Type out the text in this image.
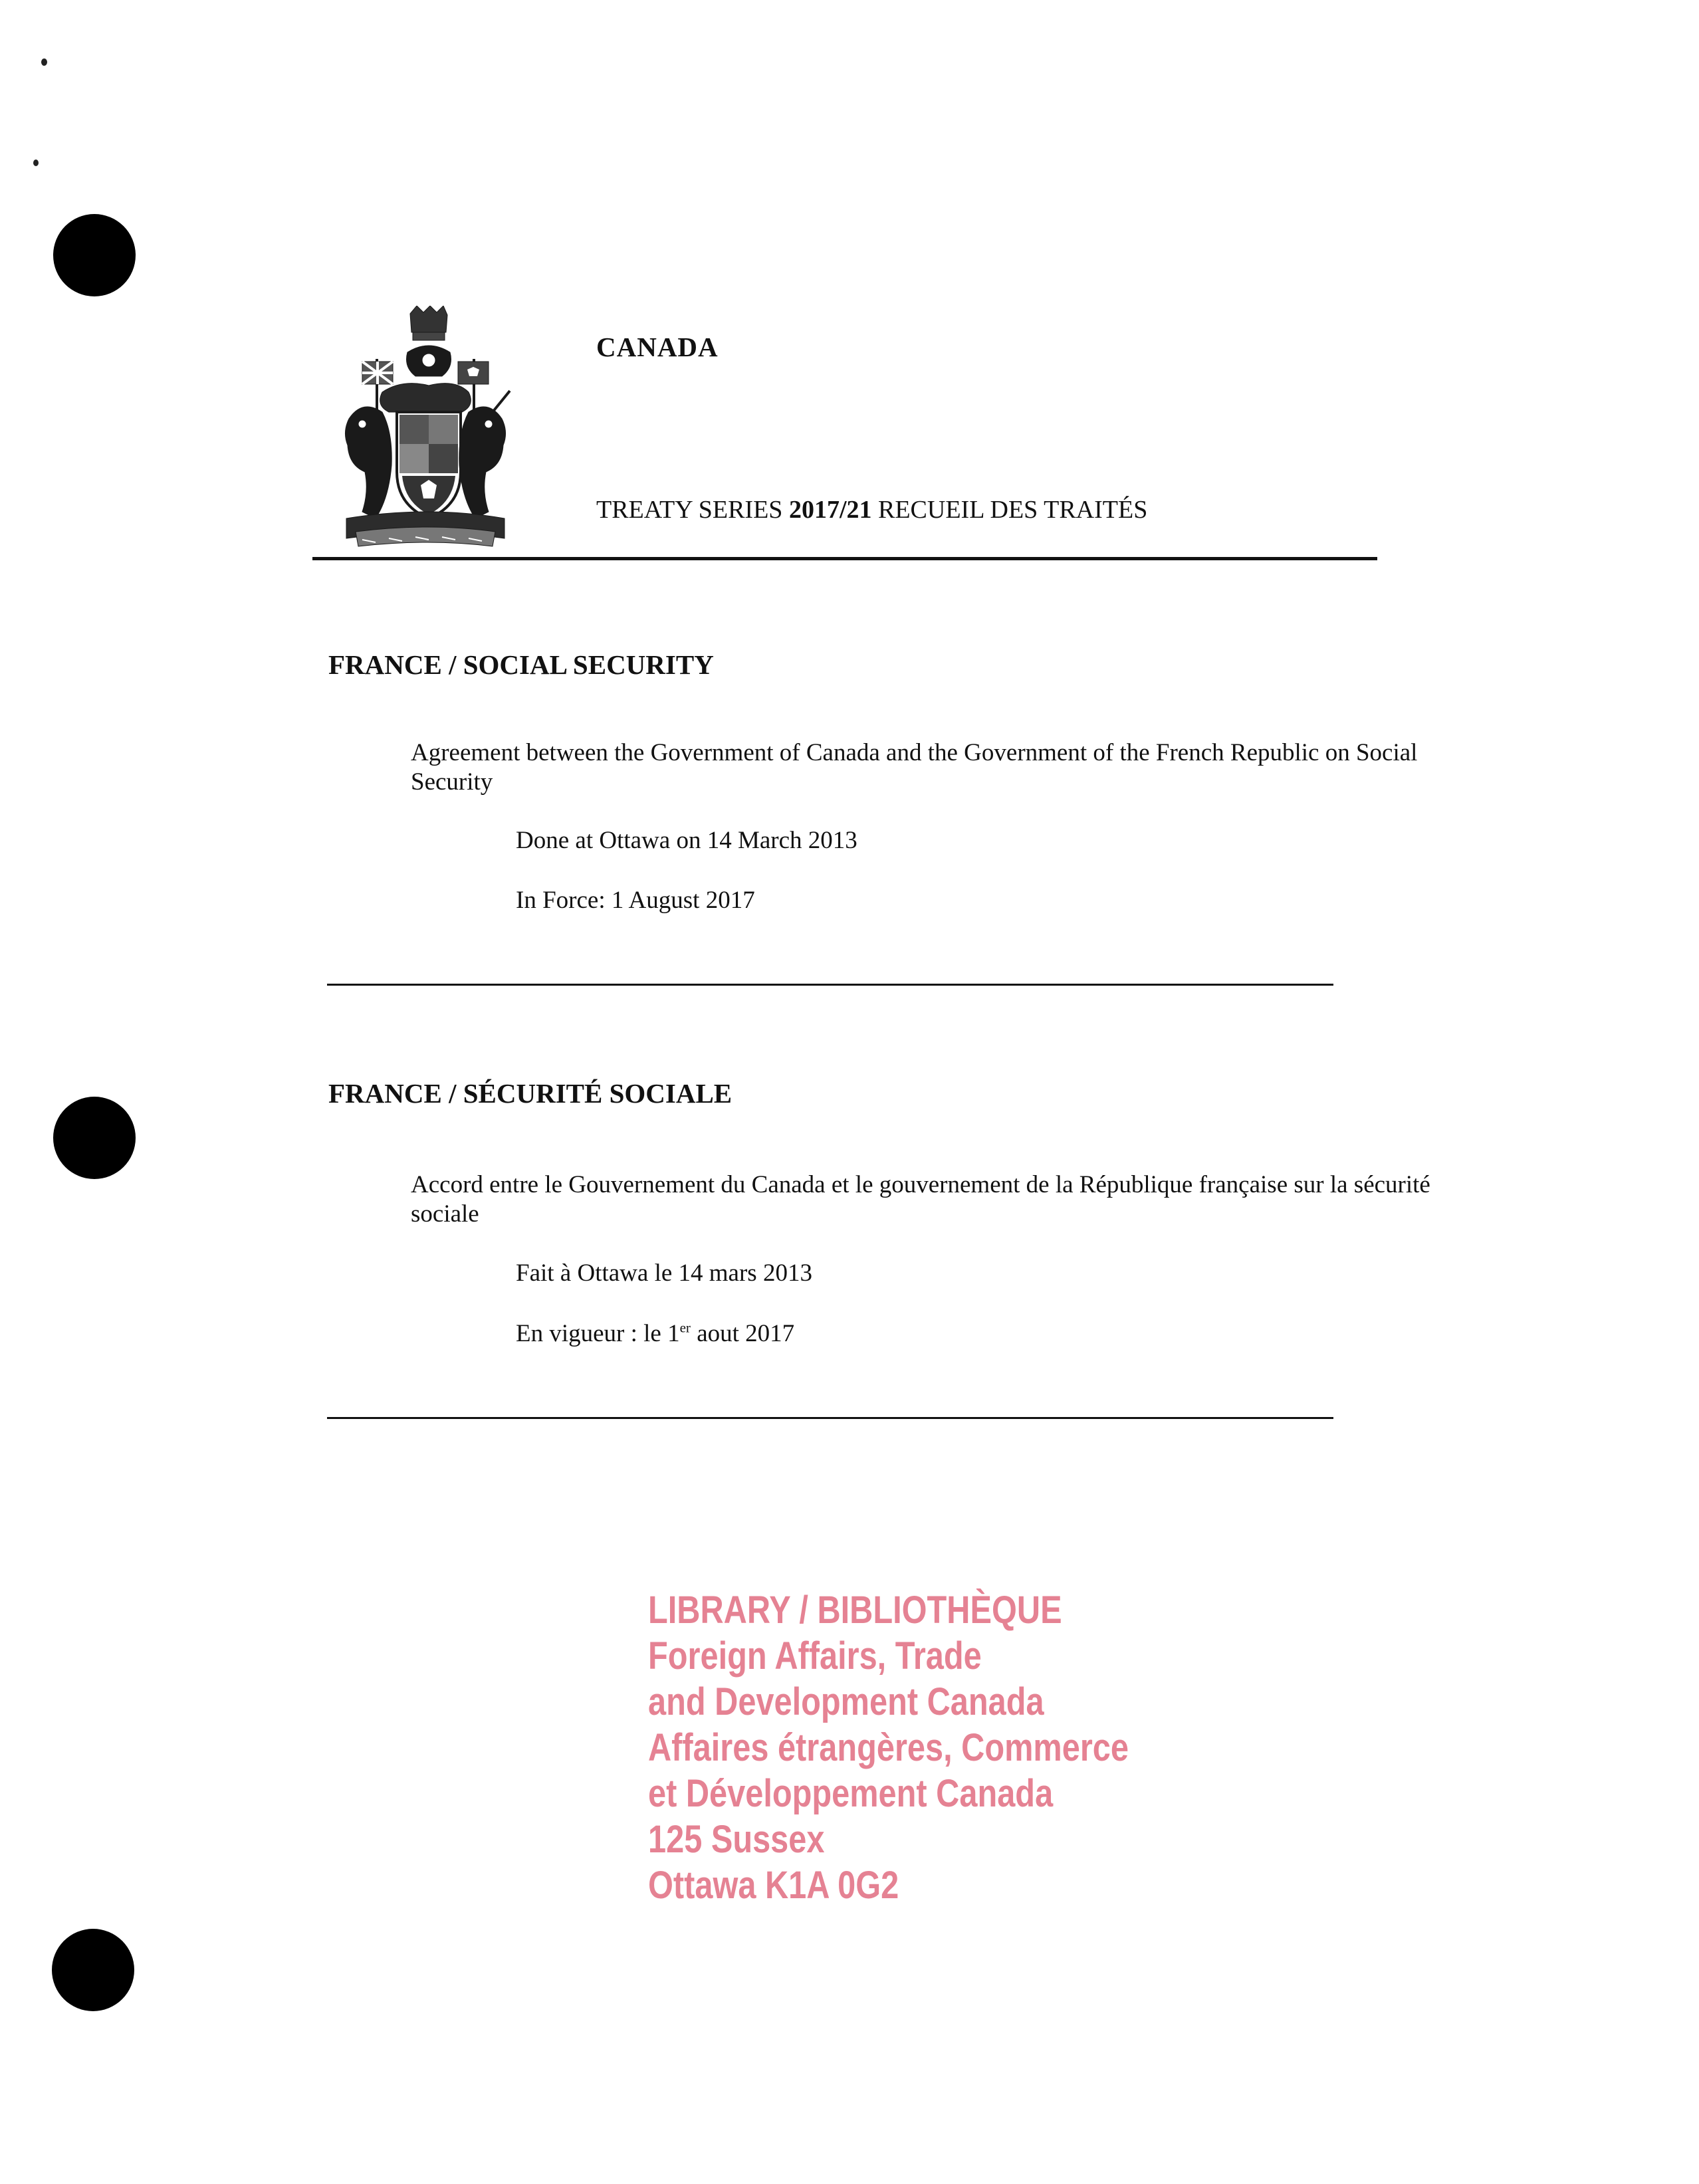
CANADA
TREATY SERIES 2017/21 RECUEIL DES TRAITÉS
FRANCE / SOCIAL SECURITY
Agreement between the Government of Canada and the Government of the French Republic on Social Security
Done at Ottawa on 14 March 2013
In Force: 1 August 2017
FRANCE / SÉCURITÉ SOCIALE
Accord entre le Gouvernement du Canada et le gouvernement de la République française sur la sécurité sociale
Fait à Ottawa le 14 mars 2013
En vigueur : le 1er aout 2017
LIBRARY / BIBLIOTHÈQUE
Foreign Affairs, Trade
and Development Canada
Affaires étrangères, Commerce
et Développement Canada
125 Sussex
Ottawa K1A 0G2
